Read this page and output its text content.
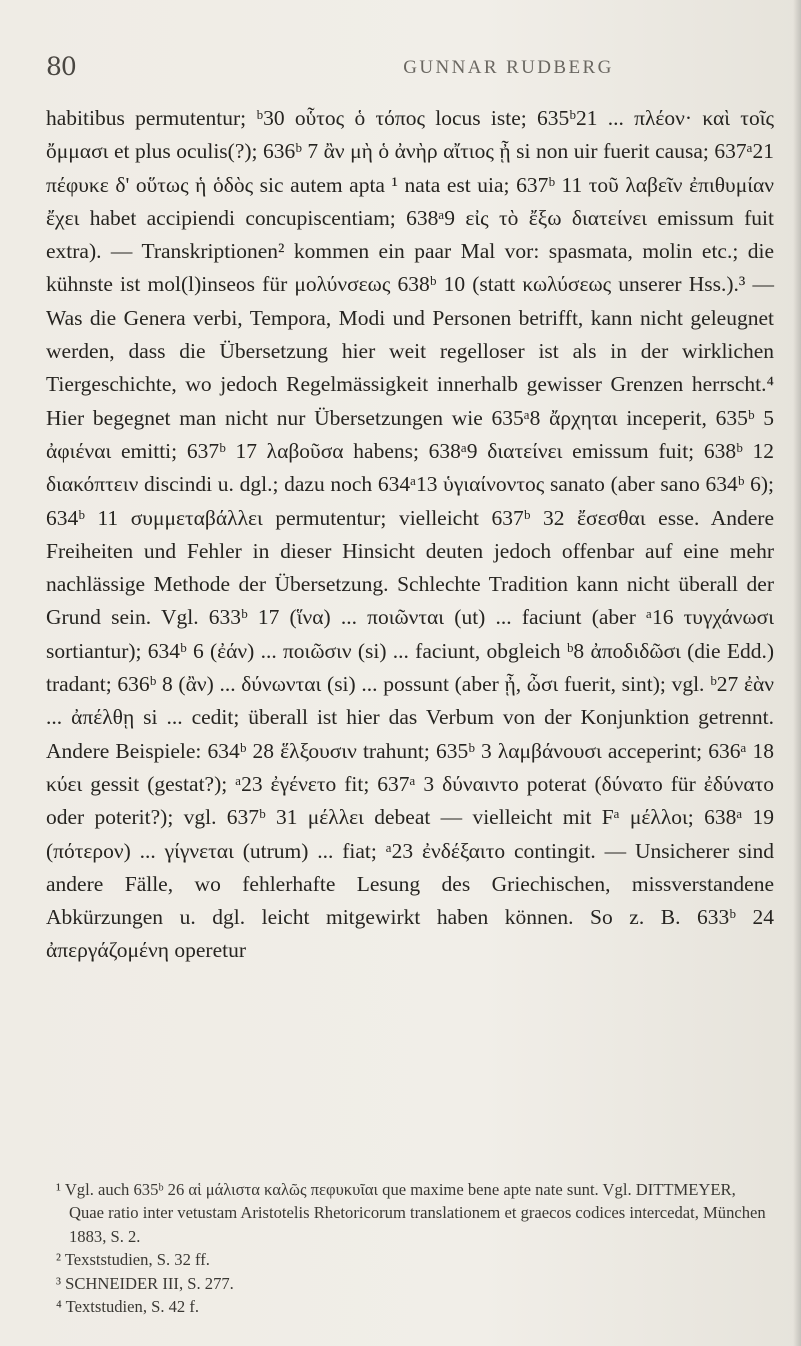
80	GUNNAR RUDBERG

habitibus permutentur; ᵇ30 οὗτος ὁ τόπος locus iste; 635ᵇ21 ... πλέον· καὶ τοῖς ὄμμασι et plus oculis(?); 636ᵇ 7 ἂν μὴ ὁ ἀνὴρ αἴτιος ᾖ si non uir fuerit causa; 637ᵃ21 πέφυκε δ' οὕτως ἡ ὁδὸς sic autem apta ¹ nata est uia; 637ᵇ 11 τοῦ λαβεῖν ἐπιθυμίαν ἔχει habet accipiendi concupiscentiam; 638ᵃ9 εἰς τὸ ἔξω διατείνει emissum fuit extra). — Transkriptionen² kommen ein paar Mal vor: spasmata, molin etc.; die kühnste ist mol(l)inseos für μολύνσεως 638ᵇ 10 (statt κωλύσεως unserer Hss.).³ — Was die Genera verbi, Tempora, Modi und Personen betrifft, kann nicht geleugnet werden, dass die Übersetzung hier weit regelloser ist als in der wirklichen Tiergeschichte, wo jedoch Regelmässigkeit innerhalb gewisser Grenzen herrscht.⁴ Hier begegnet man nicht nur Übersetzungen wie 635ᵃ8 ἄρχηται inceperit, 635ᵇ 5 ἀφιέναι emitti; 637ᵇ 17 λαβοῦσα habens; 638ᵃ9 διατείνει emissum fuit; 638ᵇ 12 διακόπτειν discindi u. dgl.; dazu noch 634ᵃ13 ὑγιαίνοντος sanato (aber sano 634ᵇ 6); 634ᵇ 11 συμμεταβάλλει permutentur; vielleicht 637ᵇ 32 ἔσεσθαι esse. Andere Freiheiten und Fehler in dieser Hinsicht deuten jedoch offenbar auf eine mehr nachlässige Methode der Übersetzung. Schlechte Tradition kann nicht überall der Grund sein. Vgl. 633ᵇ 17 (ἵνα) ... ποιῶνται (ut) ... faciunt (aber ᵃ16 τυγχάνωσι sortiantur); 634ᵇ 6 (ἐάν) ... ποιῶσιν (si) ... faciunt, obgleich ᵇ8 ἀποδιδῶσι (die Edd.) tradant; 636ᵇ 8 (ἂν) ... δύνωνται (si) ... possunt (aber ᾖ, ὦσι fuerit, sint); vgl. ᵇ27 ἐὰν ... ἀπέλθῃ si ... cedit; überall ist hier das Verbum von der Konjunktion getrennt. Andere Beispiele: 634ᵇ 28 ἕλξουσιν trahunt; 635ᵇ 3 λαμβάνουσι acceperint; 636ᵃ 18 κύει gessit (gestat?); ᵃ23 ἐγένετο fit; 637ᵃ 3 δύναιντο poterat (δύνατο für ἐδύνατο oder poterit?); vgl. 637ᵇ 31 μέλλει debeat — vielleicht mit Fᵃ μέλλοι; 638ᵃ 19 (πότερον) ... γίγνεται (utrum) ... fiat; ᵃ23 ἐνδέξαιτο contingit. — Unsicherer sind andere Fälle, wo fehlerhafte Lesung des Griechischen, missverstandene Abkürzungen u. dgl. leicht mitgewirkt haben können. So z. B. 633ᵇ 24 ἀπεργάζομένη operetur

¹ Vgl. auch 635ᵇ 26 αἱ μάλιστα καλῶς πεφυκυῖαι que maxime bene apte nate sunt. Vgl. DITTMEYER, Quae ratio inter vetustam Aristotelis Rhetoricorum translationem et graecos codices intercedat, München 1883, S. 2.

² Texststudien, S. 32 ff.

³ SCHNEIDER III, S. 277.

⁴ Textstudien, S. 42 f.
